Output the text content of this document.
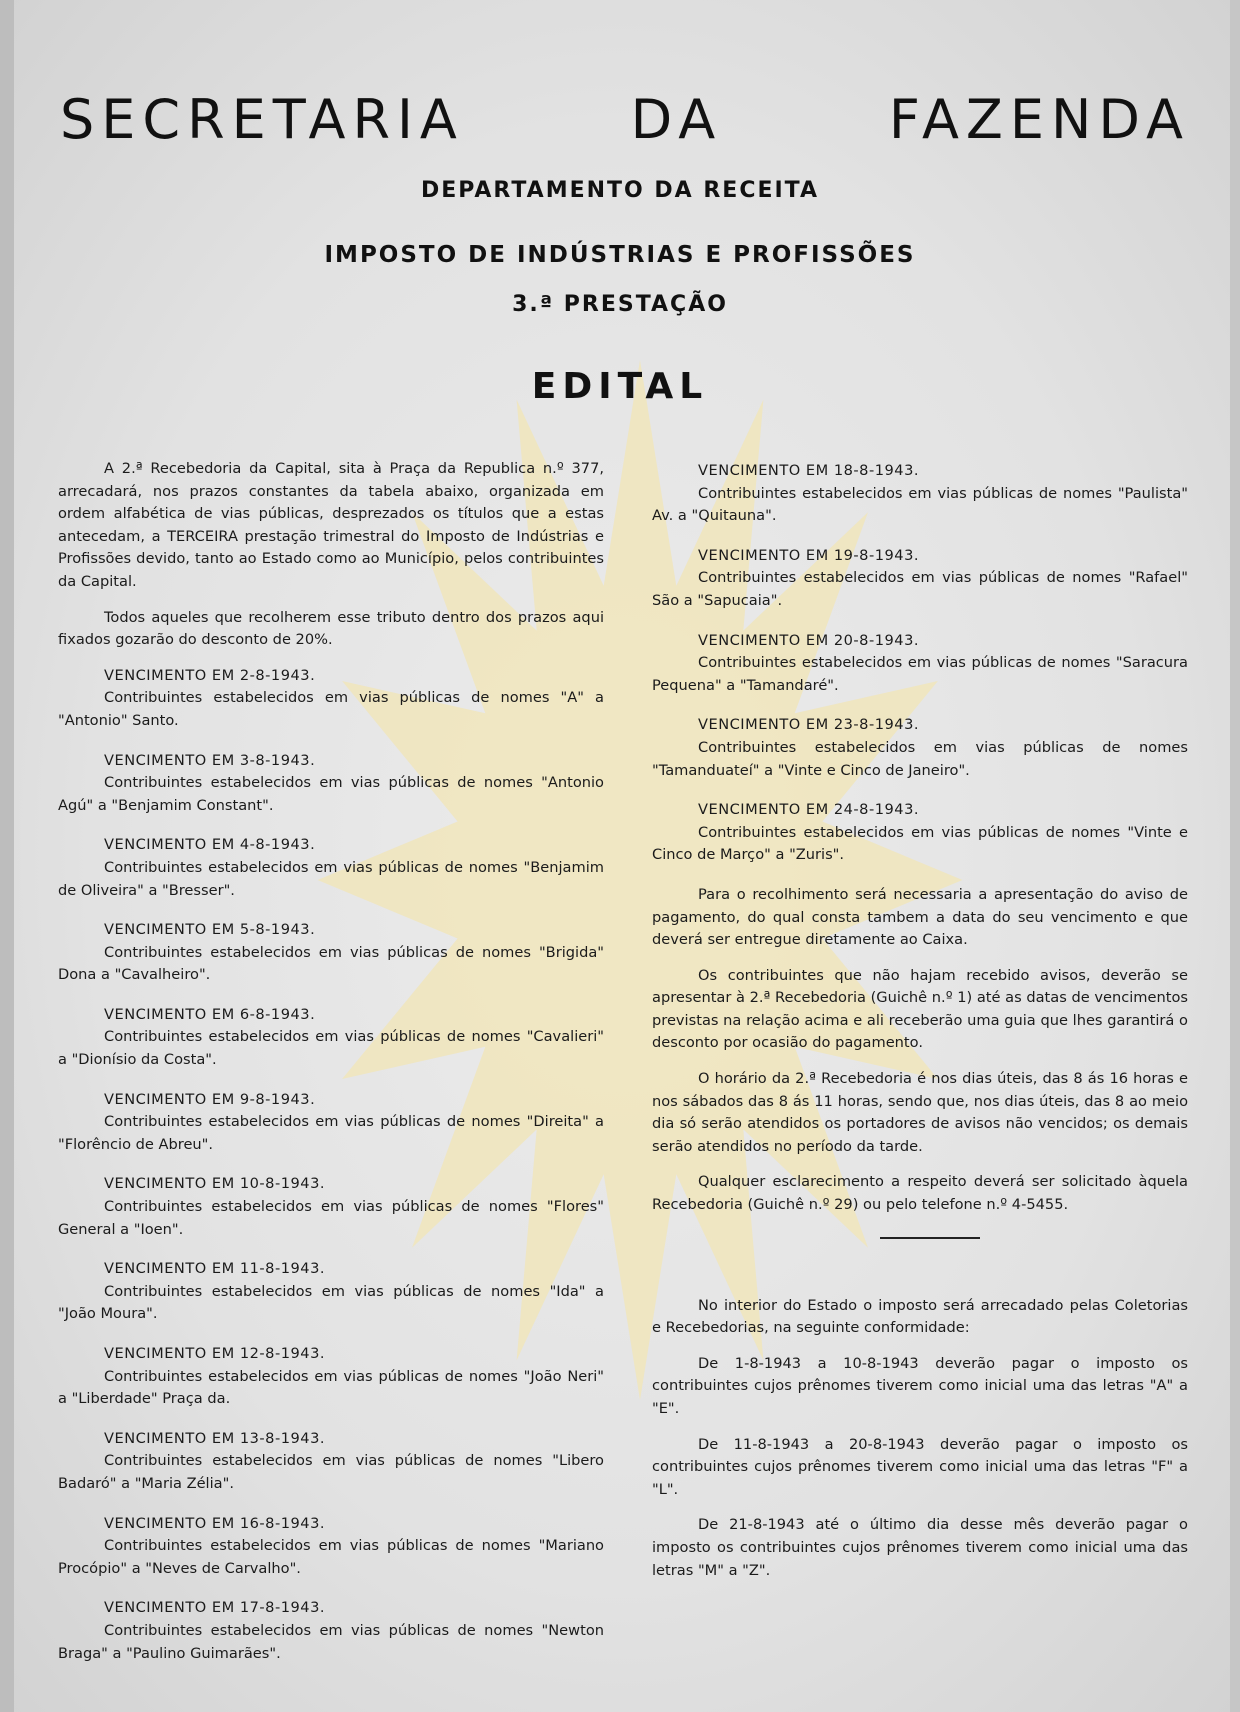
SECRETARIA	DA	FAZENDA
DEPARTAMENTO DA RECEITA
IMPOSTO DE INDÚSTRIAS E PROFISSÕES
3.ª PRESTAÇÃO
EDITAL

A 2.ª Recebedoria da Capital, sita à Praça da Republica n.º 377, arrecadará, nos prazos constantes da tabela abaixo, organizada em ordem alfabética de vias públicas, desprezados os títulos que a estas antecedam, a TERCEIRA prestação trimestral do Imposto de Indústrias e Profissões devido, tanto ao Estado como ao Município, pelos contribuintes da Capital.

Todos aqueles que recolherem esse tributo dentro dos prazos aqui fixados gozarão do desconto de 20%.

VENCIMENTO EM 2-8-1943.
Contribuintes estabelecidos em vias públicas de nomes "A" a "Antonio" Santo.
VENCIMENTO EM 3-8-1943.
Contribuintes estabelecidos em vias públicas de nomes "Antonio Agú" a "Benjamim Constant".
VENCIMENTO EM 4-8-1943.
Contribuintes estabelecidos em vias públicas de nomes "Benjamim de Oliveira" a "Bresser".
VENCIMENTO EM 5-8-1943.
Contribuintes estabelecidos em vias públicas de nomes "Brigida" Dona a "Cavalheiro".
VENCIMENTO EM 6-8-1943.
Contribuintes estabelecidos em vias públicas de nomes "Cavalieri" a "Dionísio da Costa".
VENCIMENTO EM 9-8-1943.
Contribuintes estabelecidos em vias públicas de nomes "Direita" a "Florêncio de Abreu".
VENCIMENTO EM 10-8-1943.
Contribuintes estabelecidos em vias públicas de nomes "Flores" General a "Ioen".
VENCIMENTO EM 11-8-1943.
Contribuintes estabelecidos em vias públicas de nomes "Ida" a "João Moura".
VENCIMENTO EM 12-8-1943.
Contribuintes estabelecidos em vias públicas de nomes "João Neri" a "Liberdade" Praça da.
VENCIMENTO EM 13-8-1943.
Contribuintes estabelecidos em vias públicas de nomes "Libero Badaró" a "Maria Zélia".
VENCIMENTO EM 16-8-1943.
Contribuintes estabelecidos em vias públicas de nomes "Mariano Procópio" a "Neves de Carvalho".
VENCIMENTO EM 17-8-1943.
Contribuintes estabelecidos em vias públicas de nomes "Newton Braga" a "Paulino Guimarães".
VENCIMENTO EM 18-8-1943.
Contribuintes estabelecidos em vias públicas de nomes "Paulista" Av. a "Quitauna".
VENCIMENTO EM 19-8-1943.
Contribuintes estabelecidos em vias públicas de nomes "Rafael" São a "Sapucaia".
VENCIMENTO EM 20-8-1943.
Contribuintes estabelecidos em vias públicas de nomes "Saracura Pequena" a "Tamandaré".
VENCIMENTO EM 23-8-1943.
Contribuintes estabelecidos em vias públicas de nomes "Tamanduateí" a "Vinte e Cinco de Janeiro".
VENCIMENTO EM 24-8-1943.
Contribuintes estabelecidos em vias públicas de nomes "Vinte e Cinco de Março" a "Zuris".

Para o recolhimento será necessaria a apresentação do aviso de pagamento, do qual consta tambem a data do seu vencimento e que deverá ser entregue diretamente ao Caixa.

Os contribuintes que não hajam recebido avisos, deverão se apresentar à 2.ª Recebedoria (Guichê n.º 1) até as datas de vencimentos previstas na relação acima e ali receberão uma guia que lhes garantirá o desconto por ocasião do pagamento.

O horário da 2.ª Recebedoria é nos dias úteis, das 8 ás 16 horas e nos sábados das 8 ás 11 horas, sendo que, nos dias úteis, das 8 ao meio dia só serão atendidos os portadores de avisos não vencidos; os demais serão atendidos no período da tarde.

Qualquer esclarecimento a respeito deverá ser solicitado àquela Recebedoria (Guichê n.º 29) ou pelo telefone n.º 4-5455.

No interior do Estado o imposto será arrecadado pelas Coletorias e Recebedorias, na seguinte conformidade:

De 1-8-1943 a 10-8-1943 deverão pagar o imposto os contribuintes cujos prênomes tiverem como inicial uma das letras "A" a "E".

De 11-8-1943 a 20-8-1943 deverão pagar o imposto os contribuintes cujos prênomes tiverem como inicial uma das letras "F" a "L".

De 21-8-1943 até o último dia desse mês deverão pagar o imposto os contribuintes cujos prênomes tiverem como inicial uma das letras "M" a "Z".
